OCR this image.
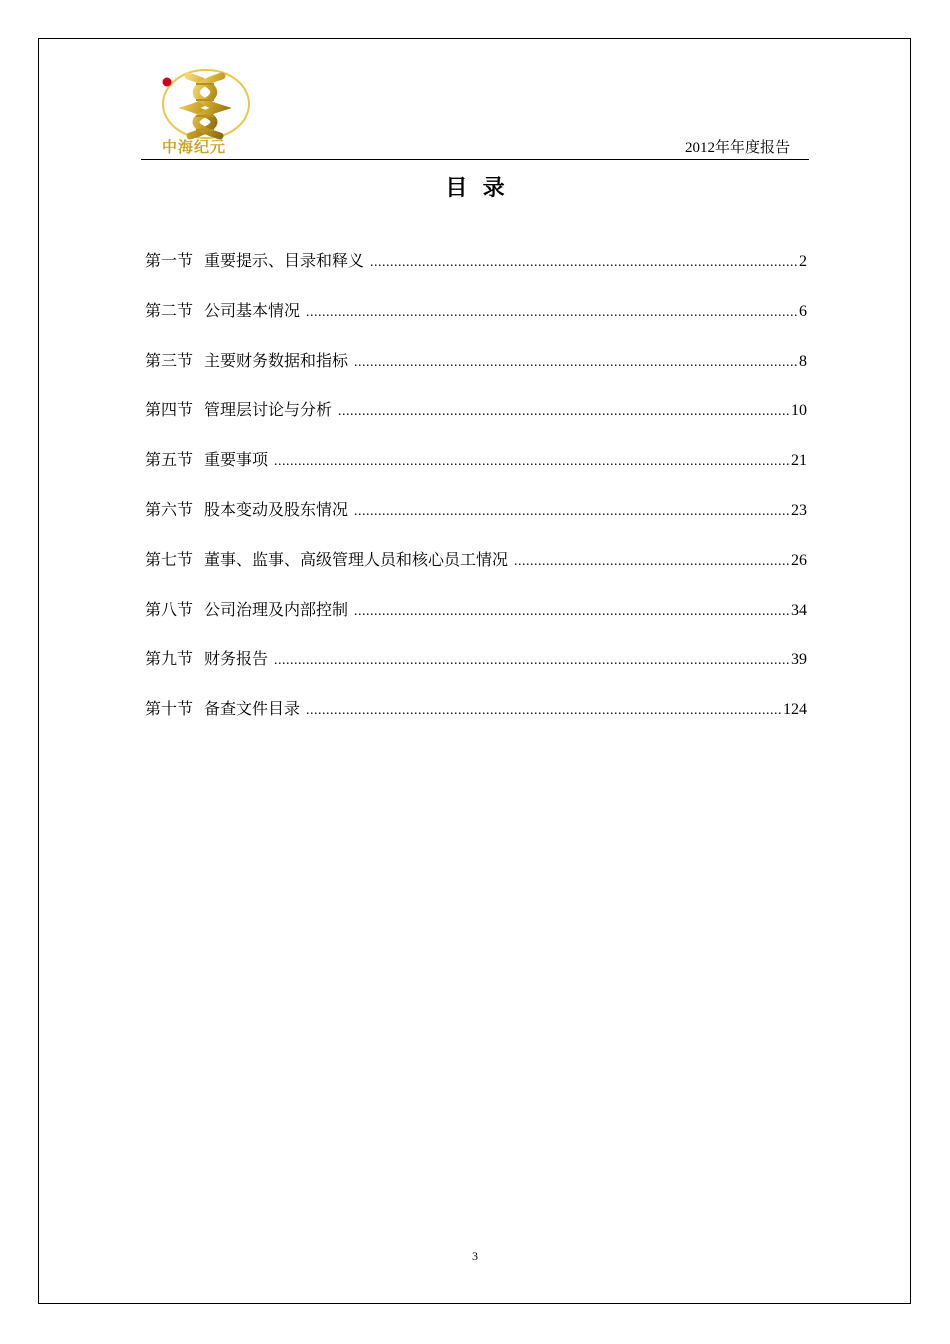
中海纪元	2012年年度报告
目  录
第一节 重要提示、目录和释义 .....	2
第二节 公司基本情况 .....	6
第三节 主要财务数据和指标 .....	8
第四节 管理层讨论与分析 .....	10
第五节 重要事项 .....	21
第六节 股本变动及股东情况 .....	23
第七节 董事、监事、高级管理人员和核心员工情况 .....	26
第八节 公司治理及内部控制 .....	34
第九节 财务报告 .....	39
第十节 备查文件目录 .....	124
3
